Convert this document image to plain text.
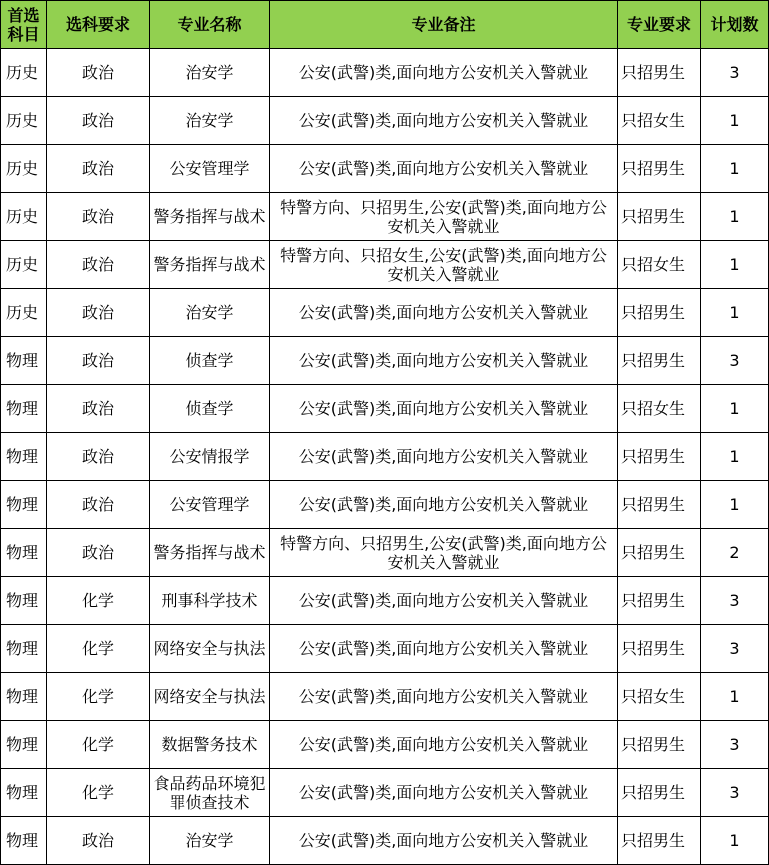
首选科目	选科要求	专业名称	专业备注	专业要求	计划数
历史	政治	治安学	公安(武警)类,面向地方公安机关入警就业	只招男生	3
历史	政治	治安学	公安(武警)类,面向地方公安机关入警就业	只招女生	1
历史	政治	公安管理学	公安(武警)类,面向地方公安机关入警就业	只招男生	1
历史	政治	警务指挥与战术	特警方向、只招男生,公安(武警)类,面向地方公安机关入警就业	只招男生	1
历史	政治	警务指挥与战术	特警方向、只招女生,公安(武警)类,面向地方公安机关入警就业	只招女生	1
历史	政治	治安学	公安(武警)类,面向地方公安机关入警就业	只招男生	1
物理	政治	侦查学	公安(武警)类,面向地方公安机关入警就业	只招男生	3
物理	政治	侦查学	公安(武警)类,面向地方公安机关入警就业	只招女生	1
物理	政治	公安情报学	公安(武警)类,面向地方公安机关入警就业	只招男生	1
物理	政治	公安管理学	公安(武警)类,面向地方公安机关入警就业	只招男生	1
物理	政治	警务指挥与战术	特警方向、只招男生,公安(武警)类,面向地方公安机关入警就业	只招男生	2
物理	化学	刑事科学技术	公安(武警)类,面向地方公安机关入警就业	只招男生	3
物理	化学	网络安全与执法	公安(武警)类,面向地方公安机关入警就业	只招男生	3
物理	化学	网络安全与执法	公安(武警)类,面向地方公安机关入警就业	只招女生	1
物理	化学	数据警务技术	公安(武警)类,面向地方公安机关入警就业	只招男生	3
物理	化学	食品药品环境犯罪侦查技术	公安(武警)类,面向地方公安机关入警就业	只招男生	3
物理	政治	治安学	公安(武警)类,面向地方公安机关入警就业	只招男生	1
